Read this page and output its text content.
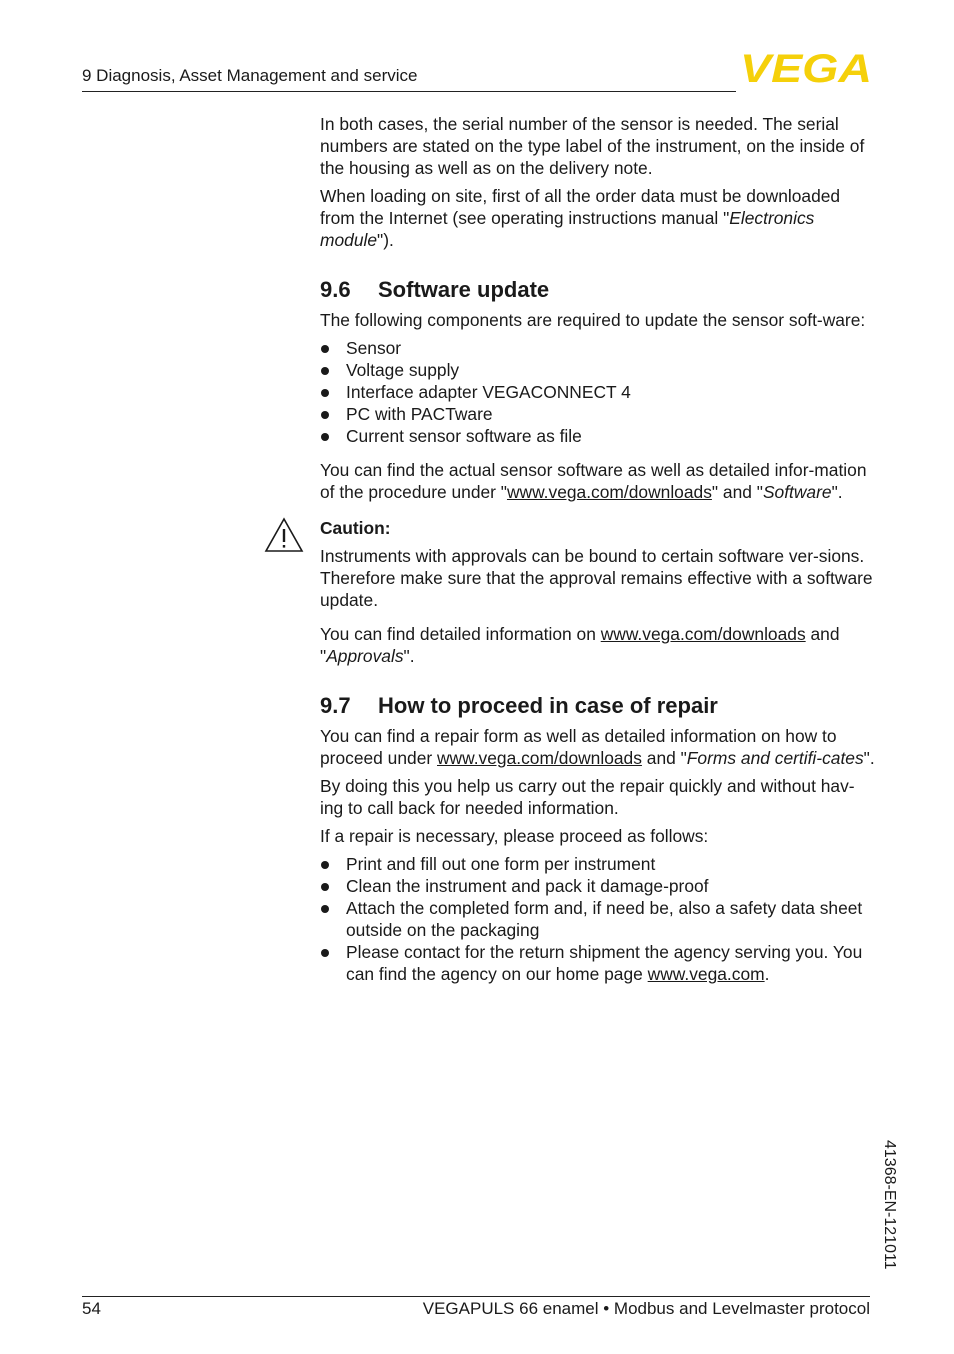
9 Diagnosis, Asset Management and service	VEGA

In both cases, the serial number of the sensor is needed. The serial numbers are stated on the type label of the instrument, on the inside of the housing as well as on the delivery note.

When loading on site, first of all the order data must be downloaded from the Internet (see operating instructions manual "Electronics module").

9.6 Software update

The following components are required to update the sensor soft-ware:

Sensor
Voltage supply
Interface adapter VEGACONNECT 4
PC with PACTware
Current sensor software as file

You can find the actual sensor software as well as detailed infor-mation of the procedure under "www.vega.com/downloads" and "Software".

Caution:

Instruments with approvals can be bound to certain software ver-sions. Therefore make sure that the approval remains effective with a software update.

You can find detailed information on www.vega.com/downloads and "Approvals".

9.7 How to proceed in case of repair

You can find a repair form as well as detailed information on how to proceed under www.vega.com/downloads and "Forms and certifi-cates".

By doing this you help us carry out the repair quickly and without hav-ing to call back for needed information.

If a repair is necessary, please proceed as follows:

Print and fill out one form per instrument
Clean the instrument and pack it damage-proof
Attach the completed form and, if need be, also a safety data sheet outside on the packaging
Please contact for the return shipment the agency serving you. You can find the agency on our home page www.vega.com.
41368-EN-121011
54	VEGAPULS 66 enamel • Modbus and Levelmaster protocol
